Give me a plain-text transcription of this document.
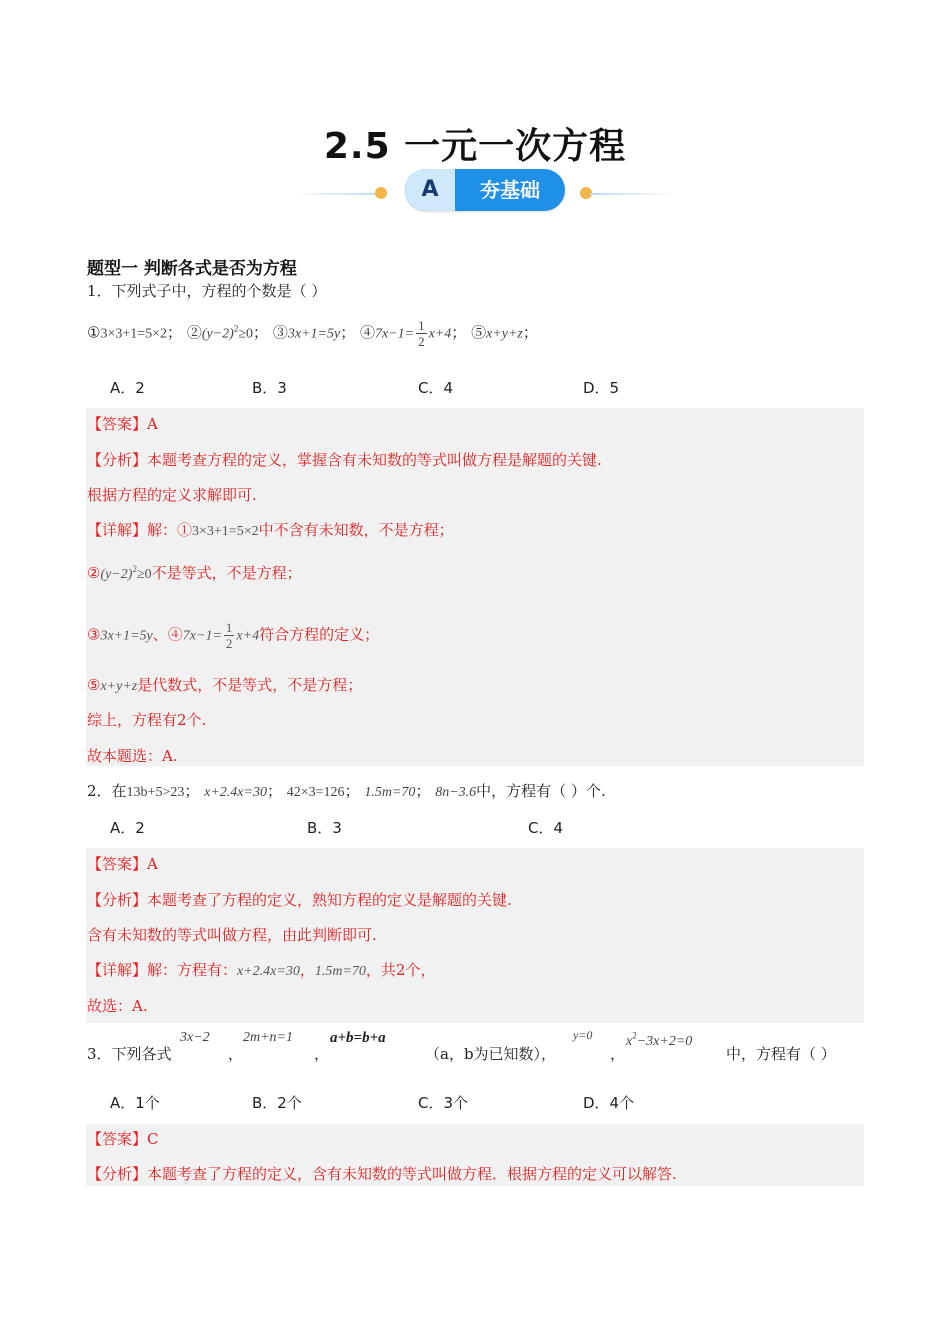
2.5 一元一次方程
A	夯基础
题型一 判断各式是否为方程
1．下列式子中，方程的个数是（ ）
①3×3+1=5×2； $②(y-2)^2\ge 0$； ③3x+1=5y； ④7x−1= $\frac{1}{2} x+4$； ⑤x+y+z；
A．2	B．3	C．4	D．5
【答案】A
【分析】本题考查方程的定义，掌握含有未知数的等式叫做方程是解题的关键.
根据方程的定义求解即可.
【详解】解：①3×3+1=5×2中不含有未知数，不是方程；
$②(y-2)^2\ge 0$不是等式，不是方程；
③3x+1=5y、④7x−1= $\frac{1}{2} x+4$符合方程的定义；
⑤x+y+z是代数式，不是等式，不是方程；
综上，方程有2个.
故本题选：A.
2．在13b+5>23； x+2.4x=30； 42×3=126； 1.5m=70； 8n−3.6中，方程有（ ）个.
A．2	B．3	C．4
【答案】A
【分析】本题考查了方程的定义，熟知方程的定义是解题的关键.
含有未知数的等式叫做方程，由此判断即可.
【详解】解：方程有：x+2.4x=30，1.5m=70，共2个，
故选：A.
3．下列各式
3x−2
，
2m+n=1
，
a+b=b+a
（a，b为已知数），
y=0
，
$x^2-3x+2=0$
中，方程有（ ）
A．1个	B．2个	C．3个	D．4个
【答案】C
【分析】本题考查了方程的定义，含有未知数的等式叫做方程．根据方程的定义可以解答.
